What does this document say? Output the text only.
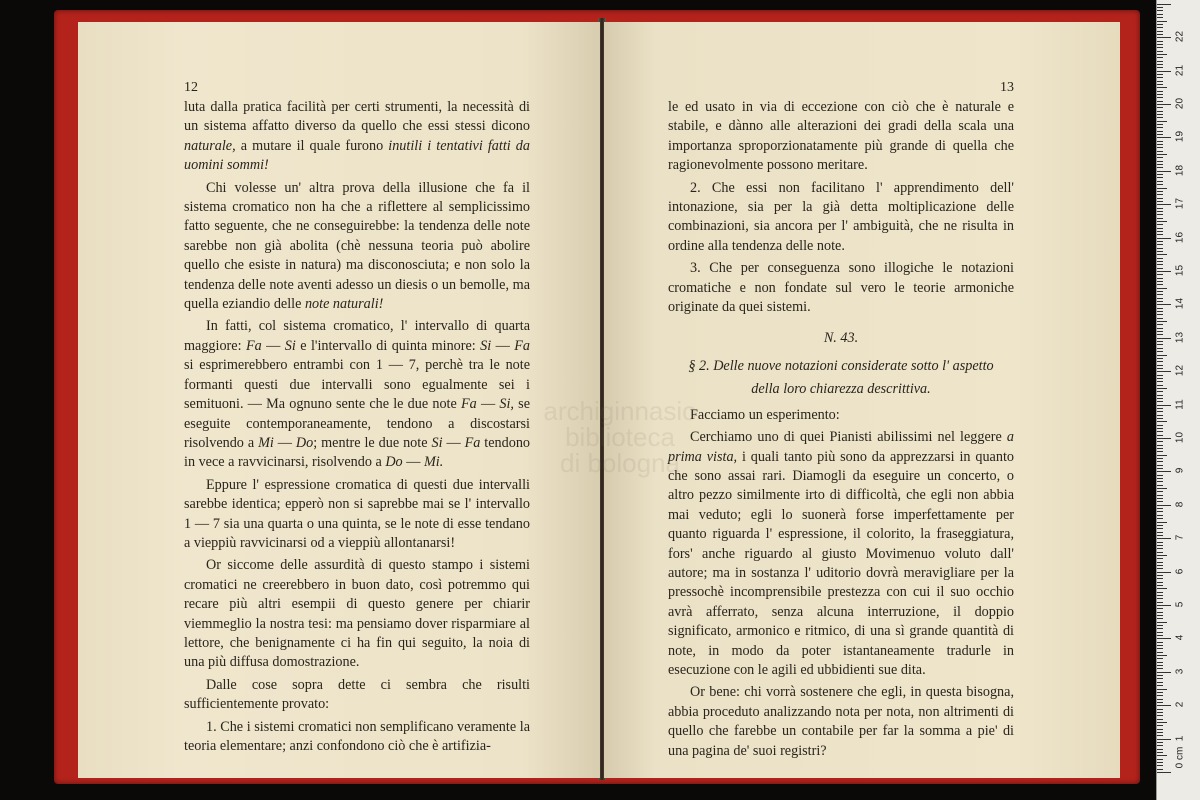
12

luta dalla pratica facilità per certi strumenti, la necessità di un sistema affatto diverso da quello che essi stessi dicono naturale, a mutare il quale furono inutili i tentativi fatti da uomini sommi!

Chi volesse un' altra prova della illusione che fa il sistema cromatico non ha che a riflettere al semplicissimo fatto seguente, che ne conseguirebbe: la tendenza delle note sarebbe non già abolita (chè nessuna teoria può abolire quello che esiste in natura) ma disconosciuta; e non solo la tendenza delle note aventi adesso un diesis o un bemolle, ma quella eziandio delle note naturali!

In fatti, col sistema cromatico, l' intervallo di quarta maggiore: Fa — Si e l'intervallo di quinta minore: Si — Fa si esprimerebbero entrambi con 1 — 7, perchè tra le note formanti questi due intervalli sono egualmente sei i semituoni. — Ma ognuno sente che le due note Fa — Si, se eseguite contemporaneamente, tendono a discostarsi risolvendo a Mi — Do; mentre le due note Si — Fa tendono in vece a ravvicinarsi, risolvendo a Do — Mi.

Eppure l' espressione cromatica di questi due intervalli sarebbe identica; epperò non si saprebbe mai se l' intervallo 1 — 7 sia una quarta o una quinta, se le note di esse tendano a vieppiù ravvicinarsi od a vieppiù allontanarsi!

Or siccome delle assurdità di questo stampo i sistemi cromatici ne creerebbero in buon dato, così potremmo qui recare più altri esempii di questo genere per chiarir viemmeglio la nostra tesi: ma pensiamo dover risparmiare al lettore, che benignamente ci ha fin qui seguito, la noia di una più diffusa domostrazione.

Dalle cose sopra dette ci sembra che risulti sufficientemente provato:

1. Che i sistemi cromatici non semplificano veramente la teoria elementare; anzi confondono ciò che è artifizia-

13

le ed usato in via di eccezione con ciò che è naturale e stabile, e dànno alle alterazioni dei gradi della scala una importanza sproporzionatamente più grande di quella che ragionevolmente possono meritare.

2. Che essi non facilitano l' apprendimento dell' intonazione, sia per la già detta moltiplicazione delle combinazioni, sia ancora per l' ambiguità, che ne risulta in ordine alla tendenza delle note.

3. Che per conseguenza sono illogiche le notazioni cromatiche e non fondate sul vero le teorie armoniche originate da quei sistemi.

N. 43.

§ 2. Delle nuove notazioni considerate sotto l' aspetto

della loro chiarezza descrittiva.

Facciamo un esperimento:

Cerchiamo uno di quei Pianisti abilissimi nel leggere a prima vista, i quali tanto più sono da apprezzarsi in quanto che sono assai rari. Diamogli da eseguire un concerto, o altro pezzo similmente irto di difficoltà, che egli non abbia mai veduto; egli lo suonerà forse imperfettamente per quanto riguarda l' espressione, il colorito, la fraseggiatura, fors' anche riguardo al giusto Movimenuo voluto dall' autore; ma in sostanza l' uditorio dovrà meravigliare per la pressochè incomprensibile prestezza con cui il suo occhio avrà afferrato, senza alcuna interruzione, il doppio significato, armonico e ritmico, di una sì grande quantità di note, in modo da poter istantaneamente tradurle in esecuzione con le agili ed ubbidienti sue dita.

Or bene: chi vorrà sostenere che egli, in questa bisogna, abbia proceduto analizzando nota per nota, non altrimenti di quello che farebbe un contabile per far la somma a pie' di una pagina de' suoi registri?	0 cm
1
2
3
4
5
6
7
8
9
10
11
12
13
14
15
16
17
18
19
20
21
22
